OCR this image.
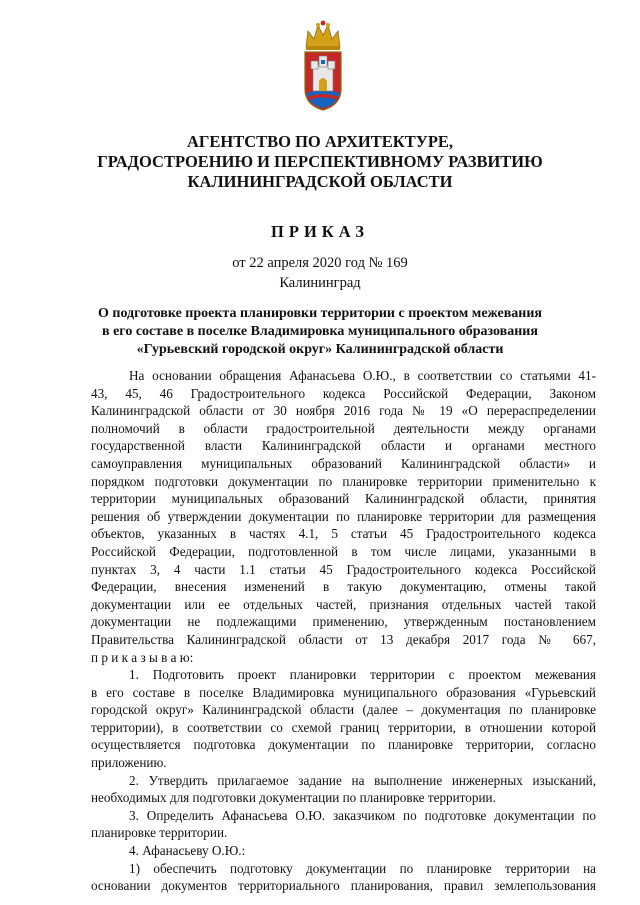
АГЕНТСТВО ПО АРХИТЕКТУРЕ,
ГРАДОСТРОЕНИЮ И ПЕРСПЕКТИВНОМУ РАЗВИТИЮ
КАЛИНИНГРАДСКОЙ ОБЛАСТИ
ПРИКАЗ
от 22 апреля 2020 год № 169
Калининград
О подготовке проекта планировки территории с проектом межевания
в его составе в поселке Владимировка муниципального образования
«Гурьевский городской округ» Калининградской области
На основании обращения Афанасьева О.Ю., в соответствии со статьями 41-
43, 45, 46 Градостроительного кодекса Российской Федерации, Законом
Калининградской области от 30 ноября 2016 года № 19 «О перераспределении
полномочий в области градостроительной деятельности между органами
государственной власти Калининградской области и органами местного
самоуправления муниципальных образований Калининградской области» и
порядком подготовки документации по планировке территории применительно к
территории муниципальных образований Калининградской области, принятия
решения об утверждении документации по планировке территории для размещения
объектов, указанных в частях 4.1, 5 статьи 45 Градостроительного кодекса
Российской Федерации, подготовленной в том числе лицами, указанными в
пунктах 3, 4 части 1.1 статьи 45 Градостроительного кодекса Российской
Федерации, внесения изменений в такую документацию, отмены такой
документации или ее отдельных частей, признания отдельных частей такой
документации не подлежащими применению, утвержденным постановлением
Правительства Калининградской области от 13 декабря 2017 года № 667,
п р и к а з ы в а ю:
1. Подготовить проект планировки территории с проектом межевания
в его составе в поселке Владимировка муниципального образования «Гурьевский
городской округ» Калининградской области (далее – документация по планировке
территории), в соответствии со схемой границ территории, в отношении которой
осуществляется подготовка документации по планировке территории, согласно
приложению.
2. Утвердить прилагаемое задание на выполнение инженерных изысканий,
необходимых для подготовки документации по планировке территории.
3. Определить Афанасьева О.Ю. заказчиком по подготовке документации по
планировке территории.
4. Афанасьеву О.Ю.:
1) обеспечить подготовку документации по планировке территории на
основании документов территориального планирования, правил землепользования
